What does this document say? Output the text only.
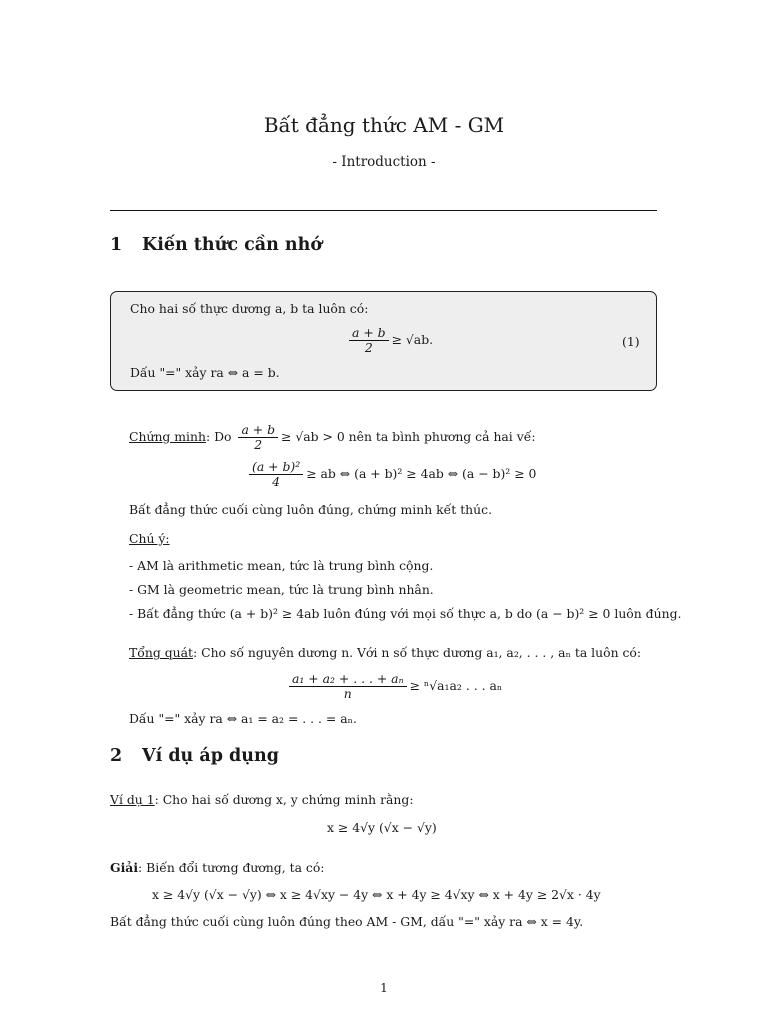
Bất đẳng thức AM - GM
- Introduction -
1 Kiến thức cần nhớ
Cho hai số thực dương a, b ta luôn có:
$\frac{a + b}{2} \ge √ab$.	(1)
Dấu "=" xảy ra ⇔ a = b.
Chứng minh: Do $\frac{a + b}{2} \ge √ab > 0$ nên ta bình phương cả hai vế:
$\frac{\text{(a + b)²}}{4}$ ≥ ab ⇔ (a + b)² ≥ 4ab ⇔ (a − b)² ≥ 0
Bất đẳng thức cuối cùng luôn đúng, chứng minh kết thúc.
Chú ý:
- AM là arithmetic mean, tức là trung bình cộng.
- GM là geometric mean, tức là trung bình nhân.
- Bất đẳng thức (a + b)² ≥ 4ab luôn đúng với mọi số thực a, b do (a − b)² ≥ 0 luôn đúng.
Tổng quát: Cho số nguyên dương n. Với n số thực dương a₁, a₂, . . . , aₙ ta luôn có:
$\frac{\text{a₁ + a₂ + . . . + aₙ}}{n} \ge ^n√a_1a_2$ . . . aₙ
Dấu "=" xảy ra ⇔ a₁ = a₂ = . . . = aₙ.
2 Ví dụ áp dụng
Ví dụ 1: Cho hai số dương x, y chứng minh rằng:
x ≥ 4√y (√x − √y)
Giải: Biến đổi tương đương, ta có:
x ≥ 4√y (√x − √y) ⇔ x ≥ 4√xy − 4y ⇔ x + 4y ≥ 4√xy ⇔ x + 4y ≥ 2√x · 4y
Bất đẳng thức cuối cùng luôn đúng theo AM - GM, dấu "=" xảy ra ⇔ x = 4y.
1
